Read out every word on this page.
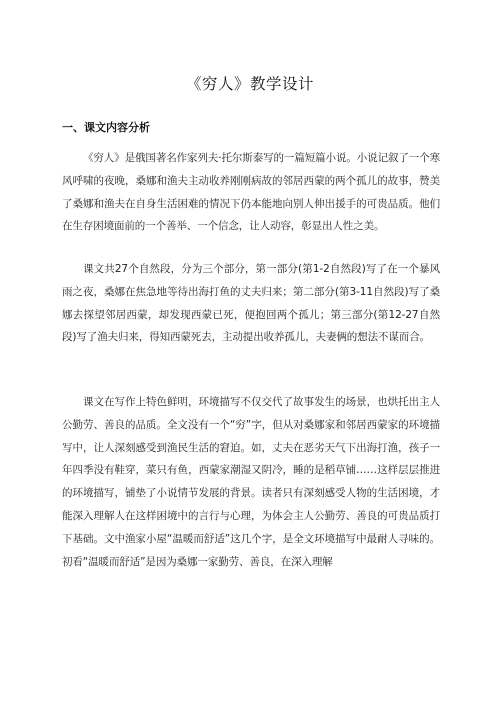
《穷人》教学设计
一、课文内容分析

《穷人》是俄国著名作家列夫·托尔斯泰写的一篇短篇小说。小说记叙了一个寒风呼啸的夜晚，桑娜和渔夫主动收养刚刚病故的邻居西蒙的两个孤儿的故事，赞美了桑娜和渔夫在自身生活困难的情况下仍本能地向别人伸出援手的可贵品质。他们在生存困境面前的一个善举、一个信念，让人动容，彰显出人性之美。

课文共27个自然段，分为三个部分，第一部分(第1-2自然段)写了在一个暴风雨之夜，桑娜在焦急地等待出海打鱼的丈夫归来；第二部分(第3-11自然段)写了桑娜去探望邻居西蒙，却发现西蒙已死，便抱回两个孤儿；第三部分(第12-27自然段)写了渔夫归来，得知西蒙死去，主动提出收养孤儿，夫妻俩的想法不谋而合。

课文在写作上特色鲜明，环境描写不仅交代了故事发生的场景，也烘托出主人公勤劳、善良的品质。全文没有一个“穷”字，但从对桑娜家和邻居西蒙家的环境描写中，让人深刻感受到渔民生活的窘迫。如，丈夫在恶劣天气下出海打渔，孩子一年四季没有鞋穿，菜只有鱼，西蒙家潮湿又阴冷，睡的是稻草铺……这样层层推进的环境描写，铺垫了小说情节发展的背景。读者只有深刻感受人物的生活困境，才能深入理解人在这样困境中的言行与心理，为体会主人公勤劳、善良的可贵品质打下基础。文中渔家小屋“温暖而舒适”这几个字，是全文环境描写中最耐人寻味的。初看“温暖而舒适”是因为桑娜一家勤劳、善良，在深入理解
